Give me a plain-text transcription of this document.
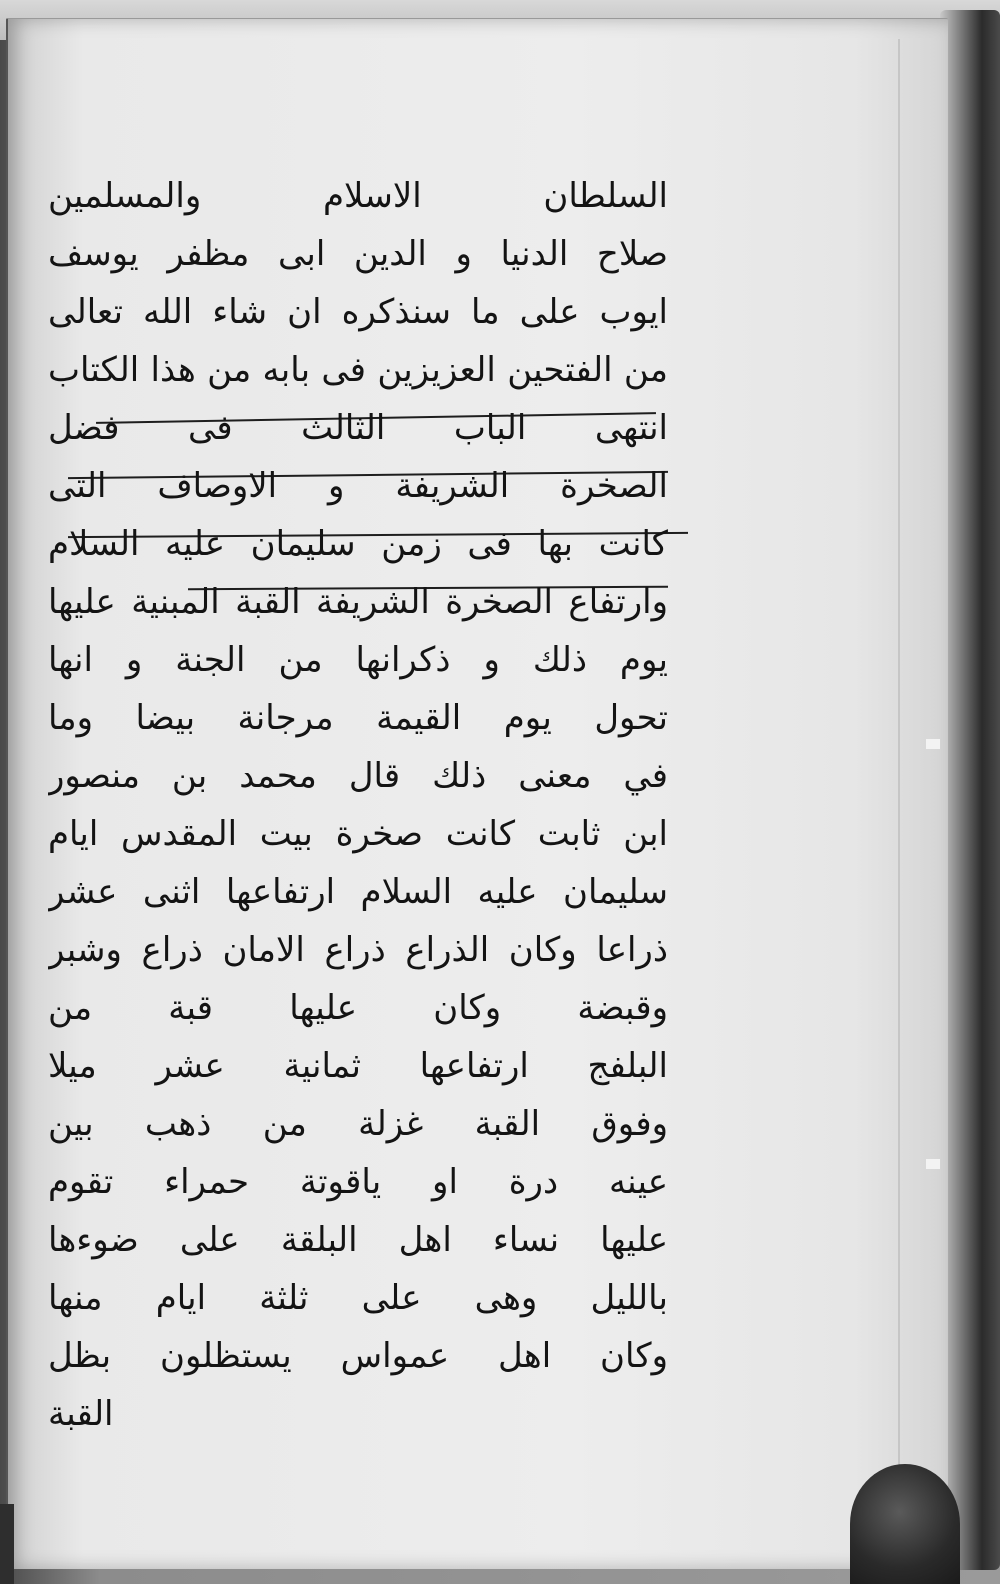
السلطان الاسلام والمسلمين
صلاح الدنيا و الدين ابى مظفر يوسف
ايوب على ما سنذكره ان شاء الله تعالى
من الفتحين العزيزين فى بابه من هذا الكتاب
انتهى الباب الثالث فى فضل
الصخرة الشريفة و الاوصاف التى
كانت بها فى زمن سليمان عليه السلام
وارتفاع الصخرة الشريفة القبة المبنية عليها
يوم ذلك و ذكرانها من الجنة و انها
تحول يوم القيمة مرجانة بيضا وما
في معنى ذلك قال محمد بن منصور
ابن ثابت كانت صخرة بيت المقدس ايام
سليمان عليه السلام ارتفاعها اثنى عشر
ذراعا وكان الذراع ذراع الامان ذراع وشبر
وقبضة وكان عليها قبة من
البلفج ارتفاعها ثمانية عشر ميلا
وفوق القبة غزلة من ذهب بين
عينه درة او ياقوتة حمراء تقوم
عليها نساء اهل البلقة على ضوءها
بالليل وهى على ثلثة ايام منها
وكان اهل عمواس يستظلون بظل
القبة
